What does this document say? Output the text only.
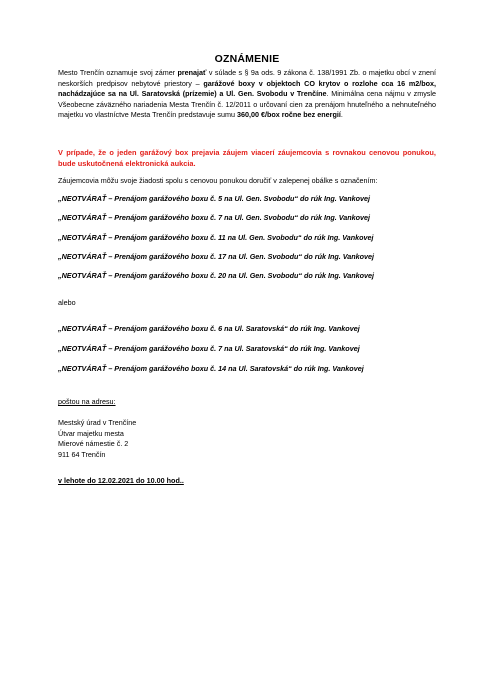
OZNÁMENIE
Mesto Trenčín oznamuje svoj zámer prenajať v súlade s § 9a ods. 9 zákona č. 138/1991 Zb. o majetku obcí v znení neskorších predpisov nebytové priestory – garážové boxy v objektoch CO krytov o rozlohe cca 16 m2/box, nachádzajúce sa na Ul. Saratovská (prízemie) a Ul. Gen. Svobodu v Trenčíne. Minimálna cena nájmu v zmysle Všeobecne záväzného nariadenia Mesta Trenčín č. 12/2011 o určovaní cien za prenájom hnuteľného a nehnuteľného majetku vo vlastníctve Mesta Trenčín predstavuje sumu 360,00 €/box ročne bez energií.
V prípade, že o jeden garážový box prejavia záujem viacerí záujemcovia s rovnakou cenovou ponukou, bude uskutočnená elektronická aukcia.
Záujemcovia môžu svoje žiadosti spolu s cenovou ponukou doručiť v zalepenej obálke s označením:
„NEOTVÁRAŤ – Prenájom garážového boxu č. 5 na Ul. Gen. Svobodu“ do rúk Ing. Vankovej
„NEOTVÁRAŤ – Prenájom garážového boxu č. 7 na Ul. Gen. Svobodu“ do rúk Ing. Vankovej
„NEOTVÁRAŤ – Prenájom garážového boxu č. 11 na Ul. Gen. Svobodu“ do rúk Ing. Vankovej
„NEOTVÁRAŤ – Prenájom garážového boxu č. 17 na Ul. Gen. Svobodu“ do rúk Ing. Vankovej
„NEOTVÁRAŤ – Prenájom garážového boxu č. 20 na Ul. Gen. Svobodu“ do rúk Ing. Vankovej
alebo
„NEOTVÁRAŤ – Prenájom garážového boxu č. 6 na Ul. Saratovská“ do rúk Ing. Vankovej
„NEOTVÁRAŤ – Prenájom garážového boxu č. 7 na Ul. Saratovská“ do rúk Ing. Vankovej
„NEOTVÁRAŤ – Prenájom garážového boxu č. 14 na Ul. Saratovská“ do rúk Ing. Vankovej
poštou na adresu:
Mestský úrad v Trenčíne
Útvar majetku mesta
Mierové námestie č. 2
911 64 Trenčín
v lehote do 12.02.2021 do 10.00 hod..
